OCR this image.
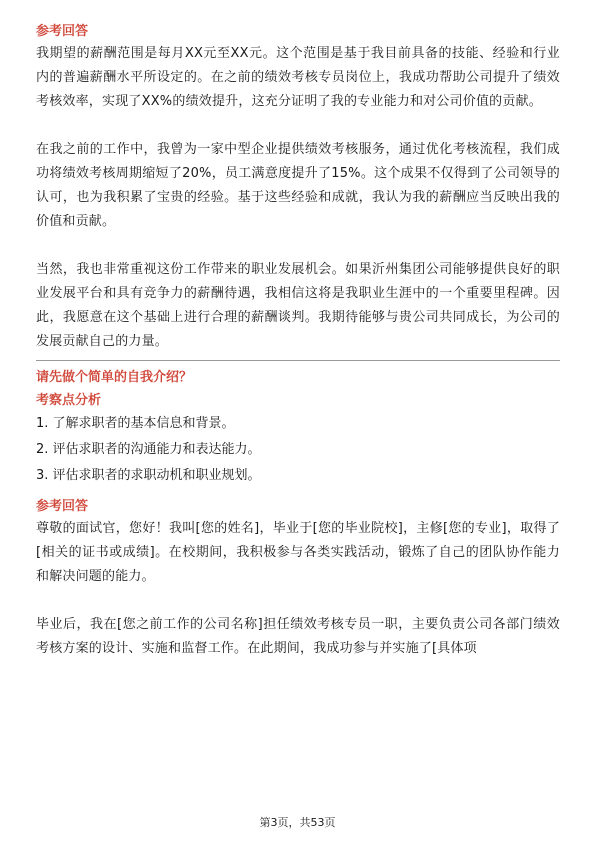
参考回答

我期望的薪酬范围是每月XX元至XX元。这个范围是基于我目前具备的技能、经验和行业内的普遍薪酬水平所设定的。在之前的绩效考核专员岗位上，我成功帮助公司提升了绩效考核效率，实现了XX%的绩效提升，这充分证明了我的专业能力和对公司价值的贡献。

在我之前的工作中，我曾为一家中型企业提供绩效考核服务，通过优化考核流程，我们成功将绩效考核周期缩短了20%，员工满意度提升了15%。这个成果不仅得到了公司领导的认可，也为我积累了宝贵的经验。基于这些经验和成就，我认为我的薪酬应当反映出我的价值和贡献。

当然，我也非常重视这份工作带来的职业发展机会。如果沂州集团公司能够提供良好的职业发展平台和具有竞争力的薪酬待遇，我相信这将是我职业生涯中的一个重要里程碑。因此，我愿意在这个基础上进行合理的薪酬谈判。我期待能够与贵公司共同成长，为公司的发展贡献自己的力量。

请先做个简单的自我介绍？

考察点分析

1. 了解求职者的基本信息和背景。
2. 评估求职者的沟通能力和表达能力。
3. 评估求职者的求职动机和职业规划。

参考回答

尊敬的面试官，您好！我叫[您的姓名]，毕业于[您的毕业院校]，主修[您的专业]，取得了[相关的证书或成绩]。在校期间，我积极参与各类实践活动，锻炼了自己的团队协作能力和解决问题的能力。

毕业后，我在[您之前工作的公司名称]担任绩效考核专员一职，主要负责公司各部门绩效考核方案的设计、实施和监督工作。在此期间，我成功参与并实施了[具体项

第3页，共53页
